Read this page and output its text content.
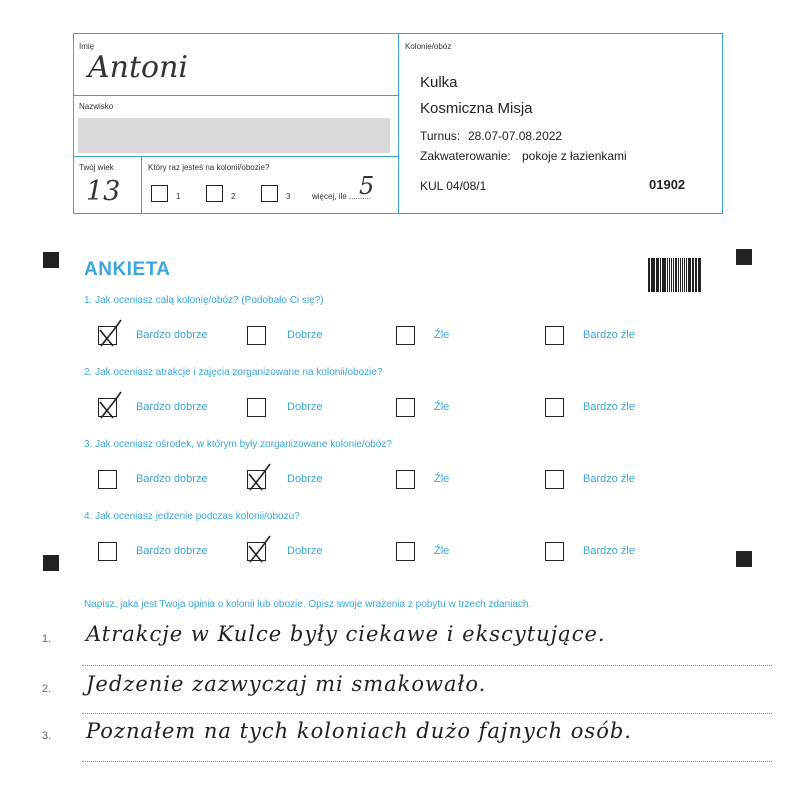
Imię
Antoni
Nazwisko
Twój wiek
13
Który raz jesteś na kolonii/obozie?
1	2	3	więcej, ile ..........
5
Kolonie/obóz
Kulka
Kosmiczna Misja
Turnus: 28.07-07.08.2022
Zakwaterowanie: pokoje z łazienkami
KUL 04/08/1	01902
ANKIETA
1. Jak oceniasz całą kolonię/obóz? (Podobało Ci się?)
Bardzo dobrze	Dobrze	Źle	Bardzo źle
2. Jak oceniasz atrakcje i zajęcia zorganizowane na kolonii/obozie?
Bardzo dobrze	Dobrze	Źle	Bardzo źle
3. Jak oceniasz ośrodek, w którym były zorganizowane kolonie/obóz?
Bardzo dobrze	Dobrze	Źle	Bardzo źle
4. Jak oceniasz jedzenie podczas kolonii/obozu?
Bardzo dobrze	Dobrze	Źle	Bardzo źle
Napisz, jaka jest Twoja opinia o kolonii lub obozie. Opisz swoje wrażenia z pobytu w trzech zdaniach.
1. Atrakcje w Kulce były ciekawe i ekscytujące.
2. Jedzenie zazwyczaj mi smakowało.
3. Poznałem na tych koloniach dużo fajnych osób.
